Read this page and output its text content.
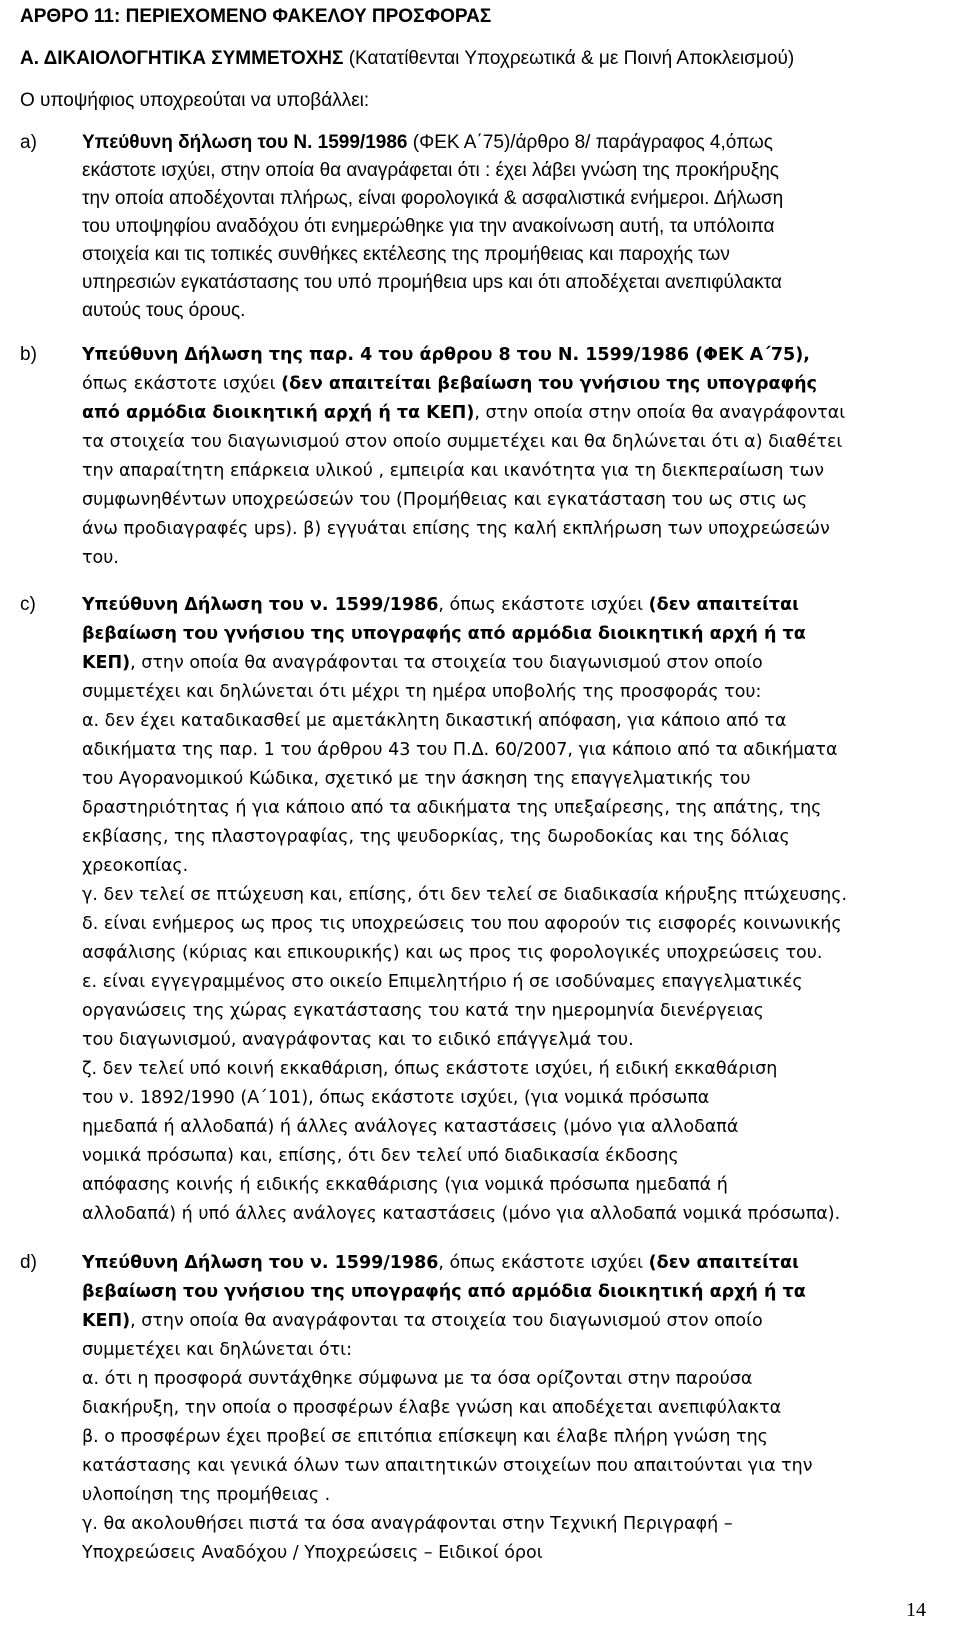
ΑΡΘΡΟ 11: ΠΕΡΙΕΧΟΜΕΝΟ ΦΑΚΕΛΟΥ ΠΡΟΣΦΟΡΑΣ
Α. ΔΙΚΑΙΟΛΟΓΗΤΙΚΑ ΣΥΜΜΕΤΟΧΗΣ (Κατατίθενται Υποχρεωτικά & με Ποινή Αποκλεισμού)
Ο υποψήφιος υποχρεούται να υποβάλλει:
a) Υπεύθυνη δήλωση του Ν. 1599/1986 (ΦΕΚ Α΄75)/άρθρο 8/ παράγραφος 4,όπως
εκάστοτε ισχύει, στην οποία θα αναγράφεται ότι : έχει λάβει γνώση της προκήρυξης
την οποία αποδέχονται πλήρως, είναι φορολογικά & ασφαλιστικά ενήμεροι. Δήλωση
του υποψηφίου αναδόχου ότι ενημερώθηκε για την ανακοίνωση αυτή, τα υπόλοιπα
στοιχεία και τις τοπικές συνθήκες εκτέλεσης της προμήθειας και παροχής των
υπηρεσιών εγκατάστασης του υπό προμήθεια ups και ότι αποδέχεται ανεπιφύλακτα
αυτούς τους όρους.
b)	Υπεύθυνη Δήλωση της παρ. 4 του άρθρου 8 του Ν. 1599/1986 (ΦΕΚ Α΄75),
όπως εκάστοτε ισχύει (δεν απαιτείται βεβαίωση του γνήσιου της υπογραφής
από αρμόδια διοικητική αρχή ή τα ΚΕΠ), στην οποία στην οποία θα αναγράφονται
τα στοιχεία του διαγωνισμού στον οποίο συμμετέχει και θα δηλώνεται ότι α) διαθέτει
την απαραίτητη επάρκεια υλικού , εμπειρία και ικανότητα για τη διεκπεραίωση των
συμφωνηθέντων υποχρεώσεών του (Προμήθειας και εγκατάσταση του ως στις ως
άνω προδιαγραφές ups). β) εγγυάται επίσης της καλή εκπλήρωση των υποχρεώσεών
του.
c)	Υπεύθυνη Δήλωση του ν. 1599/1986, όπως εκάστοτε ισχύει (δεν απαιτείται
βεβαίωση του γνήσιου της υπογραφής από αρμόδια διοικητική αρχή ή τα
ΚΕΠ), στην οποία θα αναγράφονται τα στοιχεία του διαγωνισμού στον οποίο
συμμετέχει και δηλώνεται ότι μέχρι τη ημέρα υποβολής της προσφοράς του:
α. δεν έχει καταδικασθεί με αμετάκλητη δικαστική απόφαση, για κάποιο από τα
αδικήματα της παρ. 1 του άρθρου 43 του Π.Δ. 60/2007, για κάποιο από τα αδικήματα
του Αγορανομικού Κώδικα, σχετικό με την άσκηση της επαγγελματικής του
δραστηριότητας ή για κάποιο από τα αδικήματα της υπεξαίρεσης, της απάτης, της
εκβίασης, της πλαστογραφίας, της ψευδορκίας, της δωροδοκίας και της δόλιας
χρεοκοπίας.
γ. δεν τελεί σε πτώχευση και, επίσης, ότι δεν τελεί σε διαδικασία κήρυξης πτώχευσης.
δ. είναι ενήμερος ως προς τις υποχρεώσεις του που αφορούν τις εισφορές κοινωνικής
ασφάλισης (κύριας και επικουρικής) και ως προς τις φορολογικές υποχρεώσεις του.
ε. είναι εγγεγραμμένος στο οικείο Επιμελητήριο ή σε ισοδύναμες επαγγελματικές
οργανώσεις της χώρας εγκατάστασης του κατά την ημερομηνία διενέργειας
του διαγωνισμού, αναγράφοντας και το ειδικό επάγγελμά του.
ζ. δεν τελεί υπό κοινή εκκαθάριση, όπως εκάστοτε ισχύει, ή ειδική εκκαθάριση
του ν. 1892/1990 (Α΄101), όπως εκάστοτε ισχύει, (για νομικά πρόσωπα
ημεδαπά ή αλλοδαπά) ή άλλες ανάλογες καταστάσεις (μόνο για αλλοδαπά
νομικά πρόσωπα) και, επίσης, ότι δεν τελεί υπό διαδικασία έκδοσης
απόφασης κοινής ή ειδικής εκκαθάρισης (για νομικά πρόσωπα ημεδαπά ή
αλλοδαπά) ή υπό άλλες ανάλογες καταστάσεις (μόνο για αλλοδαπά νομικά πρόσωπα).
d)	Υπεύθυνη Δήλωση του ν. 1599/1986, όπως εκάστοτε ισχύει (δεν απαιτείται
βεβαίωση του γνήσιου της υπογραφής από αρμόδια διοικητική αρχή ή τα
ΚΕΠ), στην οποία θα αναγράφονται τα στοιχεία του διαγωνισμού στον οποίο
συμμετέχει και δηλώνεται ότι:
α. ότι η προσφορά συντάχθηκε σύμφωνα με τα όσα ορίζονται στην παρούσα
διακήρυξη, την οποία ο προσφέρων έλαβε γνώση και αποδέχεται ανεπιφύλακτα
β. ο προσφέρων έχει προβεί σε επιτόπια επίσκεψη και έλαβε πλήρη γνώση της
κατάστασης και γενικά όλων των απαιτητικών στοιχείων που απαιτούνται για την
υλοποίηση της προμήθειας .
γ. θα ακολουθήσει πιστά τα όσα αναγράφονται στην Τεχνική Περιγραφή –
Υποχρεώσεις Αναδόχου / Υποχρεώσεις – Ειδικοί όροι
14
